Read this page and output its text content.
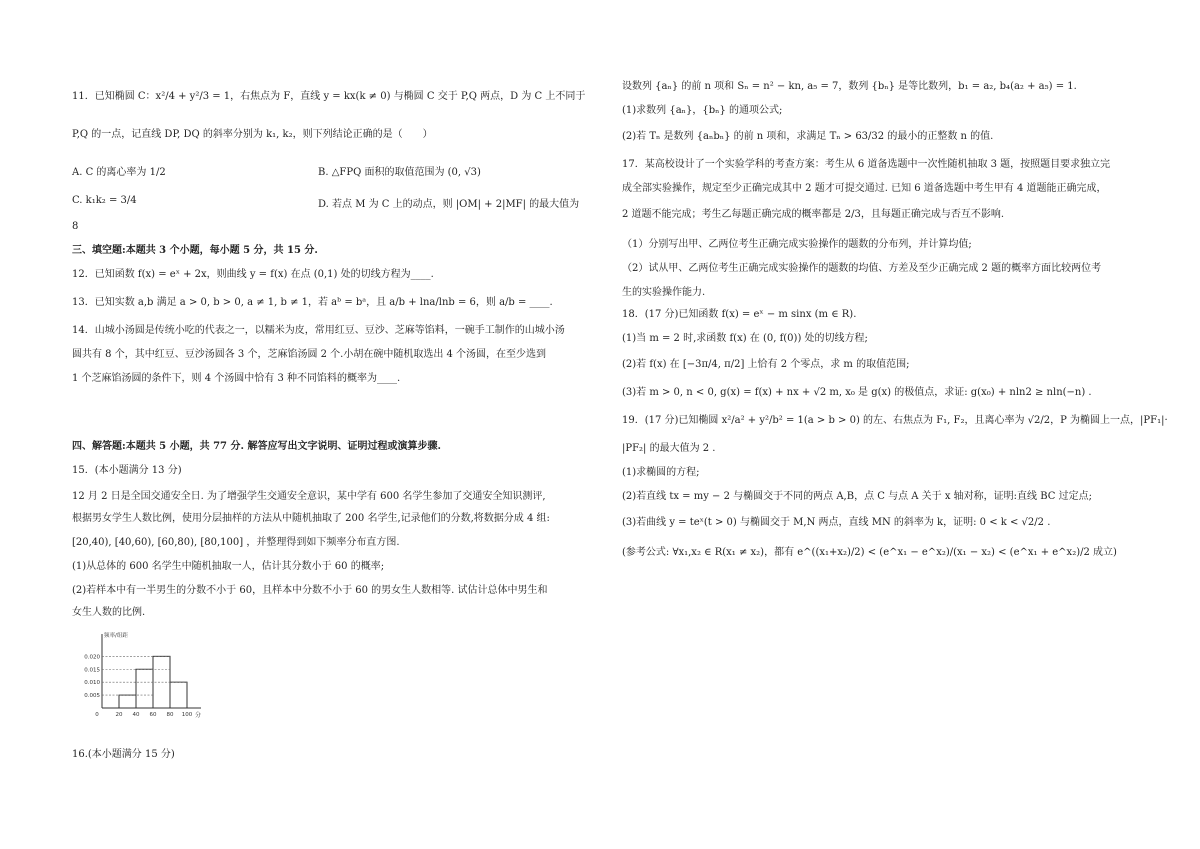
11．已知椭圆 C：x²/4 + y²/3 = 1，右焦点为 F，直线 y = kx(k ≠ 0) 与椭圆 C 交于 P,Q 两点，D 为 C 上不同于
P,Q 的一点，记直线 DP, DQ 的斜率分别为 k₁, k₂，则下列结论正确的是（　　）
A. C 的离心率为 1/2	B. △FPQ 面积的取值范围为 (0, √3)
C. k₁k₂ = 3/4	D. 若点 M 为 C 上的动点，则 |OM| + 2|MF| 的最大值为
8
三、填空题:本题共 3 个小题，每小题 5 分，共 15 分.
12．已知函数 f(x) = eˣ + 2x，则曲线 y = f(x) 在点 (0,1) 处的切线方程为____.
13．已知实数 a,b 满足 a > 0, b > 0, a ≠ 1, b ≠ 1，若 aᵇ = bᵃ，且 a/b + lna/lnb = 6，则 a/b = ____.
14．山城小汤圆是传统小吃的代表之一，以糯米为皮，常用红豆、豆沙、芝麻等馅料，一碗手工制作的山城小汤
圆共有 8 个，其中红豆、豆沙汤圆各 3 个，芝麻馅汤圆 2 个.小胡在碗中随机取选出 4 个汤圆，在至少选到
1 个芝麻馅汤圆的条件下，则 4 个汤圆中恰有 3 种不同馅料的概率为____.
四、解答题:本题共 5 小题，共 77 分. 解答应写出文字说明、证明过程或演算步骤.
15．(本小题满分 13 分)
12 月 2 日是全国交通安全日. 为了增强学生交通安全意识，某中学有 600 名学生参加了交通安全知识测评,
根据男女学生人数比例，使用分层抽样的方法从中随机抽取了 200 名学生,记录他们的分数,将数据分成 4 组:
[20,40), [40,60), [60,80), [80,100] ，并整理得到如下频率分布直方图.
(1)从总体的 600 名学生中随机抽取一人，估计其分数小于 60 的概率;
(2)若样本中有一半男生的分数不小于 60，且样本中分数不小于 60 的男女生人数相等. 试估计总体中男生和
女生人数的比例.
16.(本小题满分 15 分)
频率/组距
分
0.020
0.015
0.010
0.005
0	20 40 60 80 100
设数列 {aₙ} 的前 n 项和 Sₙ = n² − kn, a₅ = 7，数列 {bₙ} 是等比数列，b₁ = a₂, b₄(a₂ + a₅) = 1.
(1)求数列 {aₙ}，{bₙ} 的通项公式;
(2)若 Tₙ 是数列 {aₙbₙ} 的前 n 项和，求满足 Tₙ > 63/32 的最小的正整数 n 的值.
17．某高校设计了一个实验学科的考查方案：考生从 6 道备选题中一次性随机抽取 3 题，按照题目要求独立完
成全部实验操作，规定至少正确完成其中 2 题才可提交通过. 已知 6 道备选题中考生甲有 4 道题能正确完成，
2 道题不能完成；考生乙每题正确完成的概率都是 2/3，且每题正确完成与否互不影响.
（1）分别写出甲、乙两位考生正确完成实验操作的题数的分布列，并计算均值;
（2）试从甲、乙两位考生正确完成实验操作的题数的均值、方差及至少正确完成 2 题的概率方面比较两位考
生的实验操作能力.
18．(17 分)已知函数 f(x) = eˣ − m sinx (m ∈ R).
(1)当 m = 2 时,求函数 f(x) 在 (0, f(0)) 处的切线方程;
(2)若 f(x) 在 [−3π/4, π/2] 上恰有 2 个零点，求 m 的取值范围;
(3)若 m > 0, n < 0, g(x) = f(x) + nx + √2 m, x₀ 是 g(x) 的极值点，求证: g(x₀) + nln2 ≥ nln(−n) .
19．(17 分)已知椭圆 x²/a² + y²/b² = 1(a > b > 0) 的左、右焦点为 F₁, F₂，且离心率为 √2/2，P 为椭圆上一点，|PF₁|·
|PF₂| 的最大值为 2 .
(1)求椭圆的方程;
(2)若直线 tx = my − 2 与椭圆交于不同的两点 A,B，点 C 与点 A 关于 x 轴对称，证明:直线 BC 过定点;
(3)若曲线 y = teˣ(t > 0) 与椭圆交于 M,N 两点，直线 MN 的斜率为 k，证明: 0 < k < √2/2 .
(参考公式: ∀x₁,x₂ ∈ R(x₁ ≠ x₂)，都有 e^((x₁+x₂)/2) < (e^x₁ − e^x₂)/(x₁ − x₂) < (e^x₁ + e^x₂)/2 成立)
